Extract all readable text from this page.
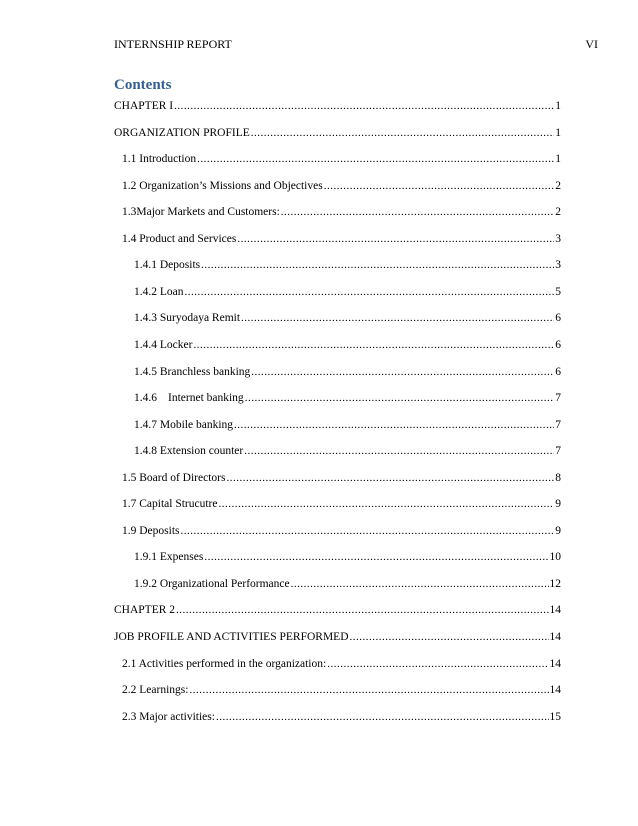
INTERNSHIP REPORT	VI
Contents
CHAPTER I .....	1
ORGANIZATION PROFILE .....	1
1.1 Introduction .....	1
1.2 Organization’s Missions and Objectives .....	2
1.3Major Markets and Customers: .....	2
1.4 Product and Services .....	3
1.4.1 Deposits .....	3
1.4.2 Loan .....	5
1.4.3 Suryodaya Remit .....	6
1.4.4 Locker .....	6
1.4.5 Branchless banking .....	6
1.4.6 Internet banking .....	7
1.4.7 Mobile banking .....	7
1.4.8 Extension counter .....	7
1.5 Board of Directors .....	8
1.7 Capital Strucutre .....	9
1.9 Deposits .....	9
1.9.1 Expenses .....	10
1.9.2 Organizational Performance .....	12
CHAPTER 2 .....	14
JOB PROFILE AND ACTIVITIES PERFORMED .....	14
2.1 Activities performed in the organization: .....	14
2.2 Learnings: .....	14
2.3 Major activities: .....	15
